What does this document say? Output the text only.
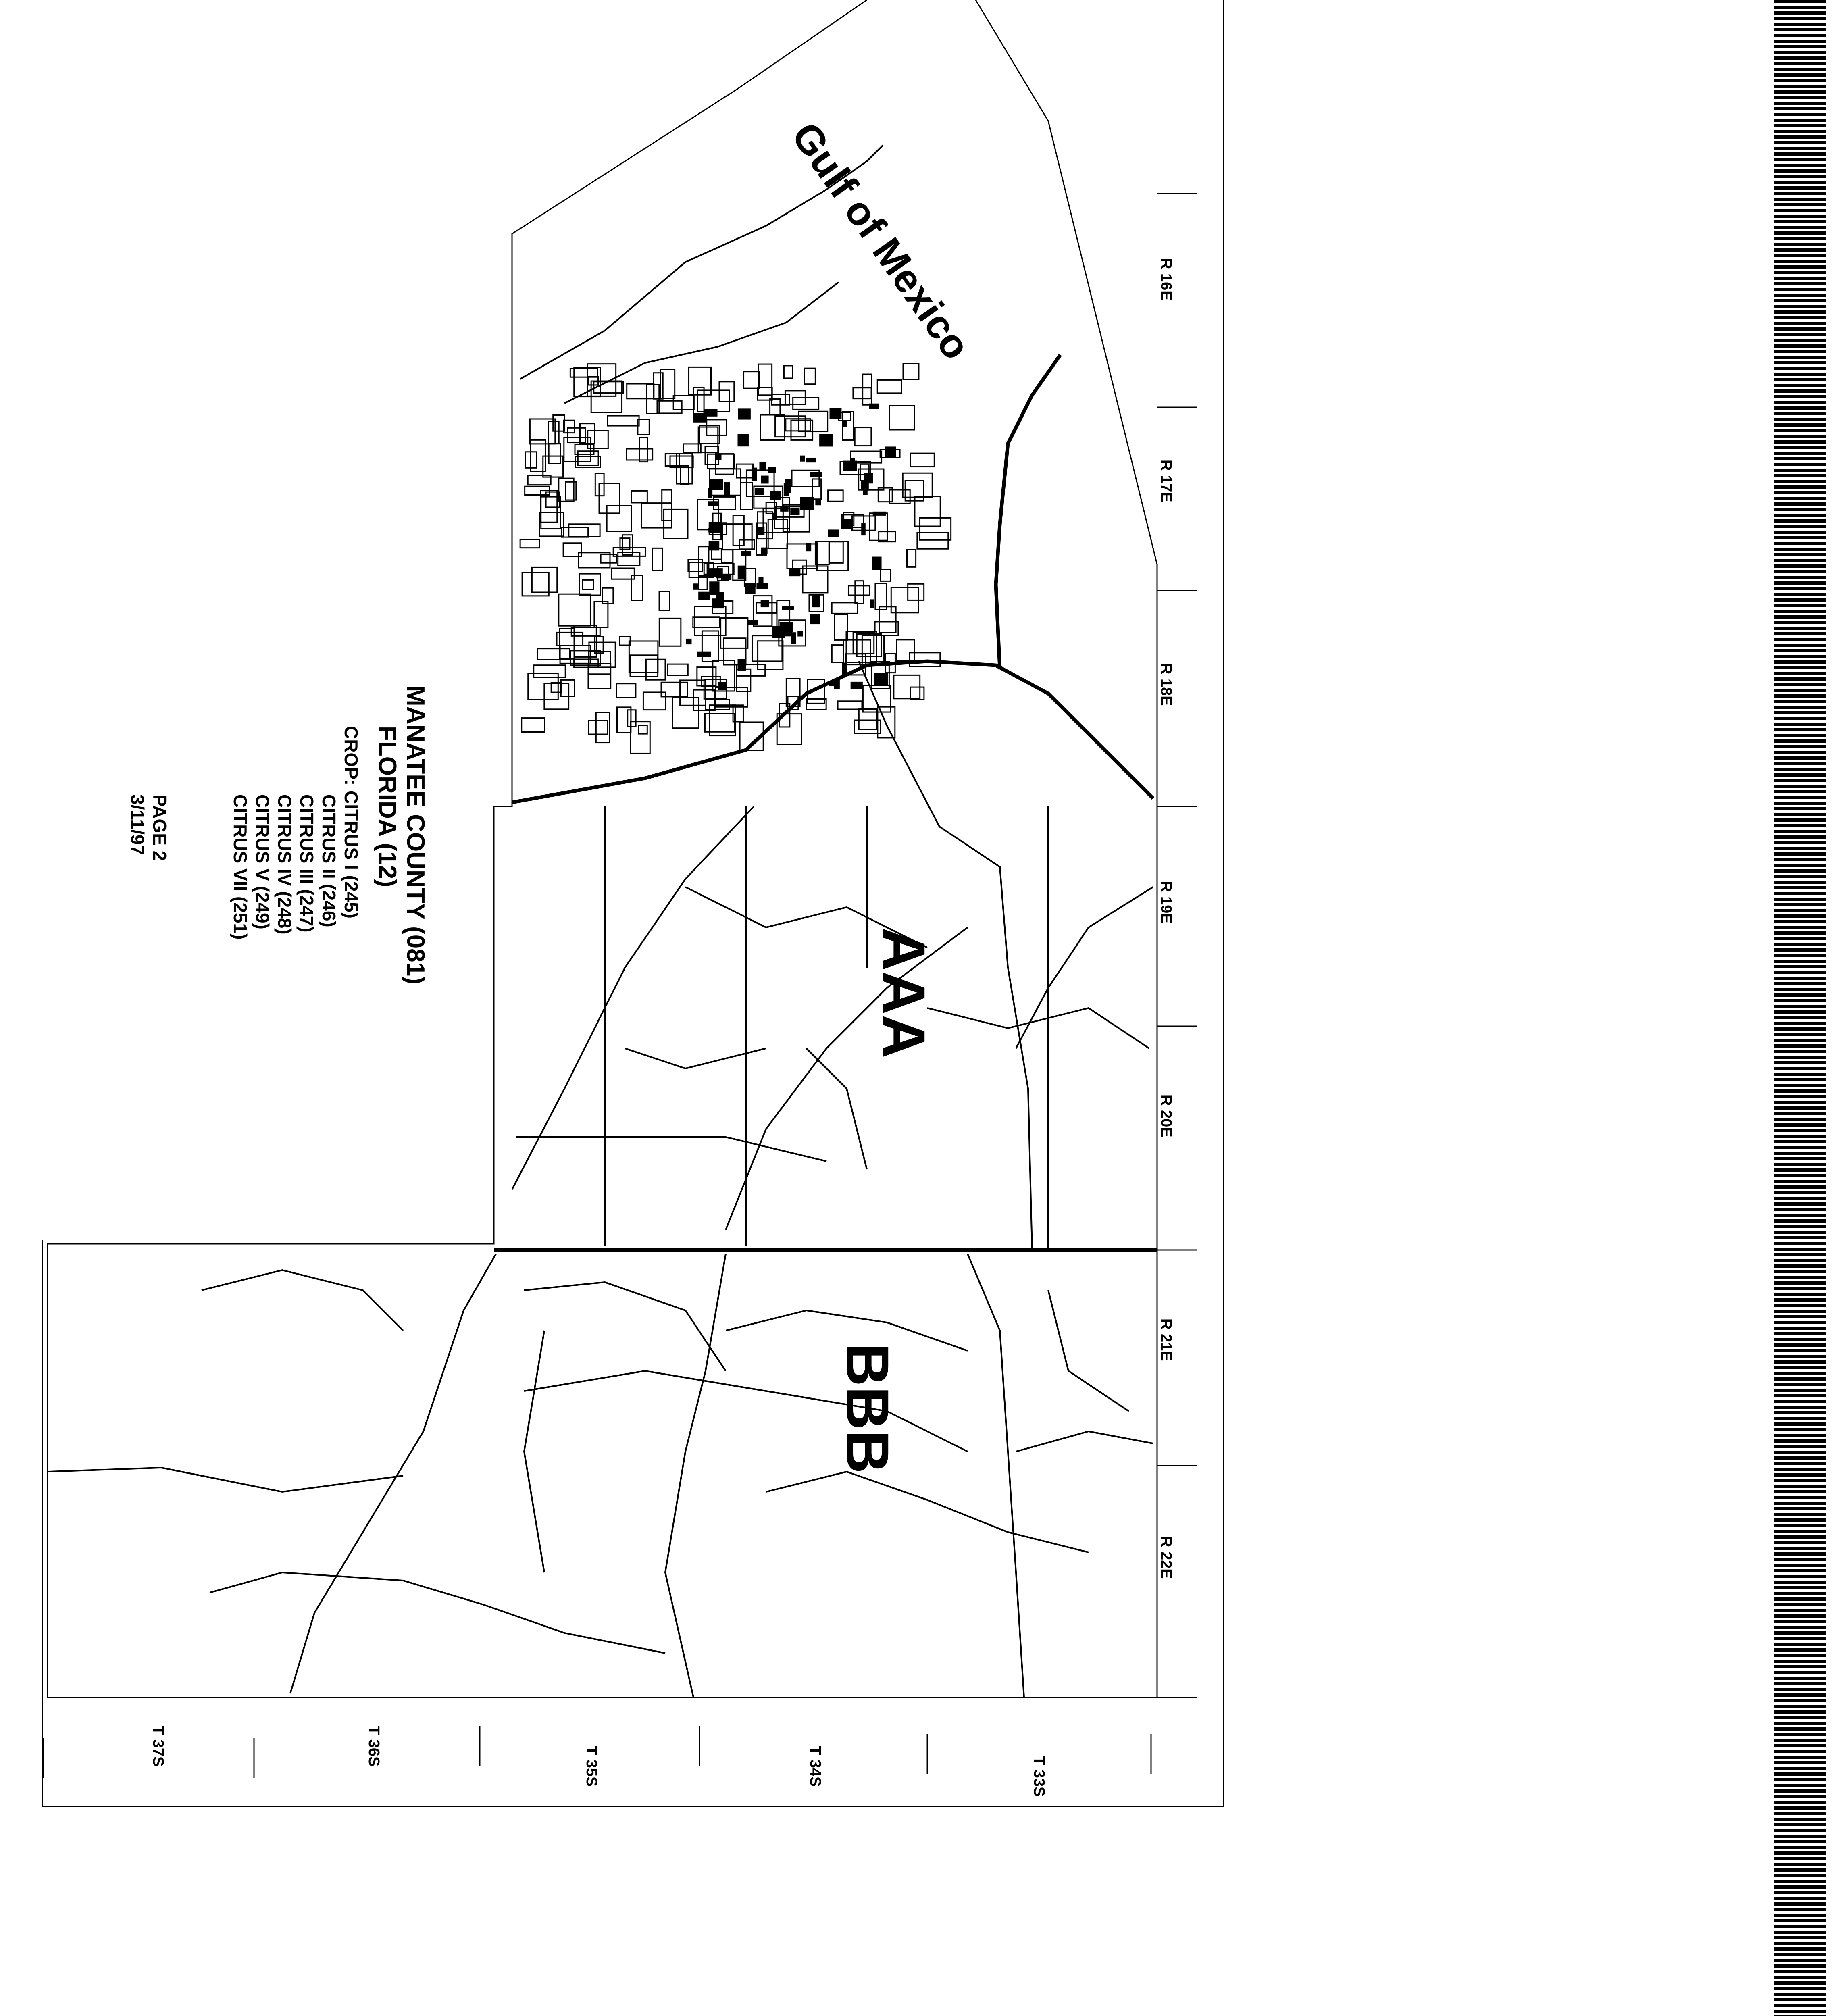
R 16E
R 17E
R 18E
R 19E
R 20E
R 21E
R 22E
T 33S
T 34S
T 35S
T 36S
T 37S
Gulf of Mexico
AAA
BBB
MANATEE COUNTY (081)
FLORIDA (12)
CROP: CITRUS I (245)
CITRUS II (246)
CITRUS III (247)
CITRUS IV (248)
CITRUS V (249)
CITRUS VII (251)
PAGE 2
3/11/97
